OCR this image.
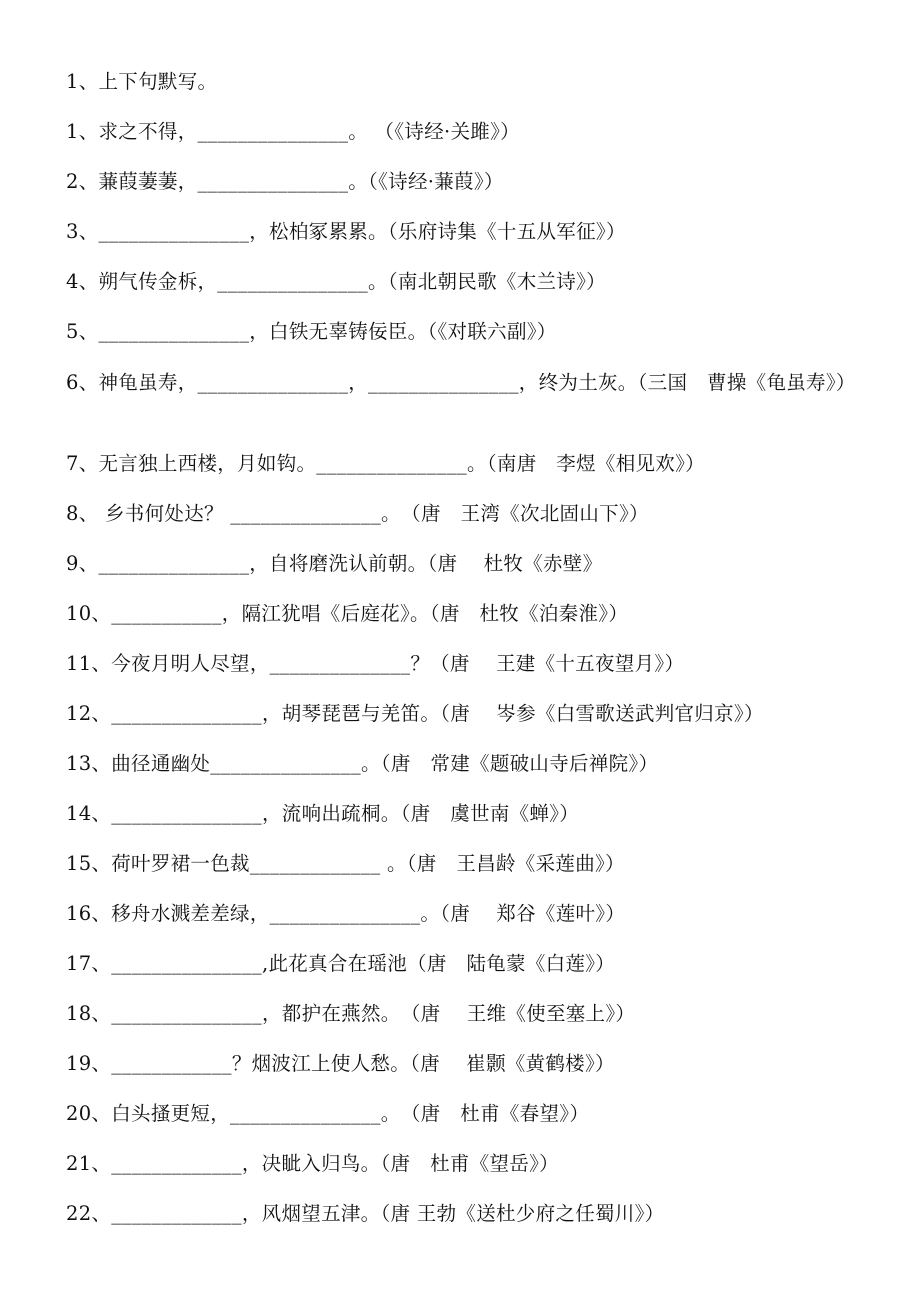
1、上下句默写。
1、求之不得，_______________。 （《诗经·关雎》）
2、蒹葭萋萋，_______________。（《诗经·蒹葭》）
3、_______________，松柏冢累累。（乐府诗集《十五从军征》）
4、朔气传金柝，_______________。（南北朝民歌《木兰诗》）
5、_______________，白铁无辜铸佞臣。（《对联六副》）
6、神龟虽寿，_______________，_______________，终为土灰。（三国　曹操《龟虽寿》）
7、无言独上西楼，月如钩。_______________。（南唐　李煜《相见欢》）
8、 乡书何处达？ _______________。　（唐　王湾《次北固山下》）
9、_______________，自将磨洗认前朝。（唐　 杜牧《赤壁》
10、___________，隔江犹唱《后庭花》。（唐　杜牧《泊秦淮》）
11、今夜月明人尽望，______________？（唐　 王建《十五夜望月》）
12、_______________，胡琴琵琶与羌笛。（唐　 岑参《白雪歌送武判官归京》）
13、曲径通幽处_______________。（唐　常建《题破山寺后禅院》）
14、_______________，流响出疏桐。（唐　虞世南《蝉》）
15、荷叶罗裙一色裁_____________ 。（唐　王昌龄《采莲曲》）
16、移舟水溅差差绿，_______________。（唐　 郑谷《莲叶》）
17、_______________,此花真合在瑶池（唐　陆龟蒙《白莲》）
18、_______________，都护在燕然。　（唐　 王维《使至塞上》）
19、____________？烟波江上使人愁。（唐　 崔颢《黄鹤楼》）
20、白头搔更短，_______________。　（唐　杜甫《春望》）
21、_____________，决眦入归鸟。（唐　杜甫《望岳》）
22、_____________，风烟望五津。（唐 王勃《送杜少府之任蜀川》）
